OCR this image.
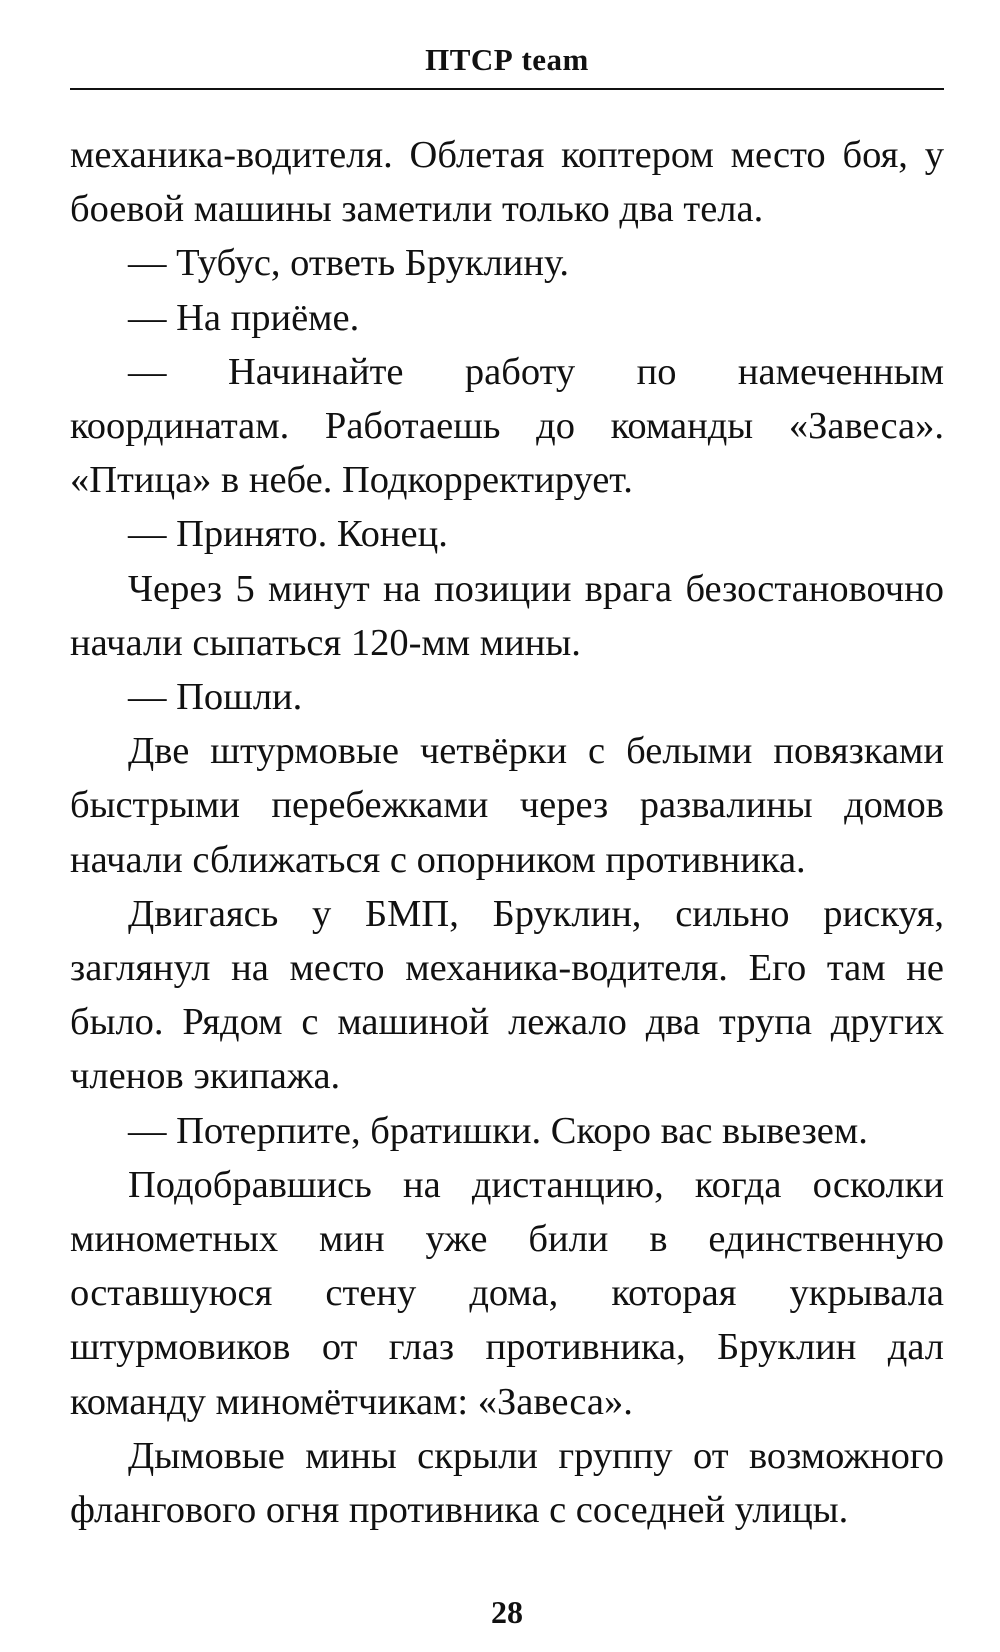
ПТСР team

механика-водителя. Облетая коптером место боя, у боевой машины заметили только два тела.

— Тубус, ответь Бруклину.

— На приёме.

— Начинайте работу по намеченным координатам. Работаешь до команды «Завеса». «Птица» в небе. Подкорректирует.

— Принято. Конец.

Через 5 минут на позиции врага безостановочно начали сыпаться 120-мм мины.

— Пошли.

Две штурмовые четвёрки с белыми повязками быстрыми перебежками через развалины домов начали сближаться с опорником противника.

Двигаясь у БМП, Бруклин, сильно рискуя, заглянул на место механика-водителя. Его там не было. Рядом с машиной лежало два трупа других членов экипажа.

— Потерпите, братишки. Скоро вас вывезем.

Подобравшись на дистанцию, когда осколки минометных мин уже били в единственную оставшуюся стену дома, которая укрывала штурмовиков от глаз противника, Бруклин дал команду миномётчикам: «Завеса».

Дымовые мины скрыли группу от возможного флангового огня противника с соседней улицы.

28
